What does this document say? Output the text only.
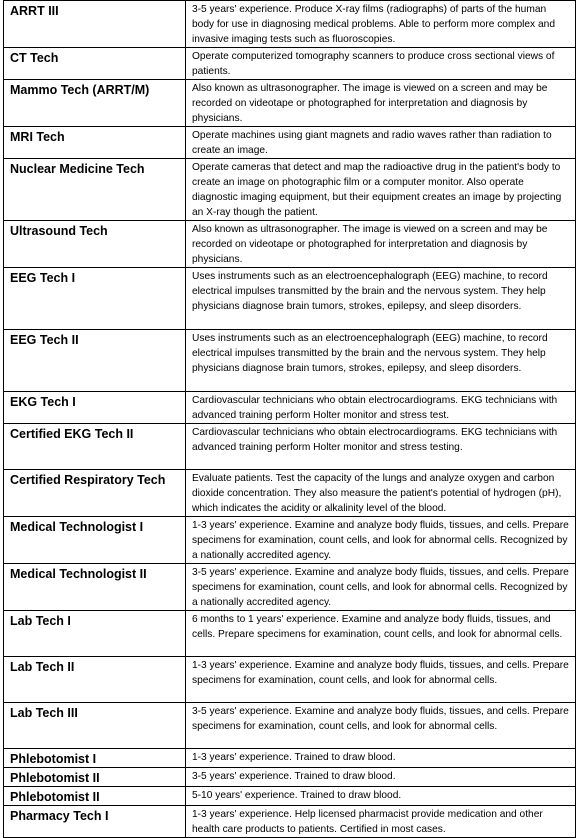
ARRT III	3-5 years' experience. Produce X-ray films (radiographs) of parts of the human body for use in diagnosing medical problems. Able to perform more complex and invasive imaging tests such as fluoroscopies.
CT Tech	Operate computerized tomography scanners to produce cross sectional views of patients.
Mammo Tech (ARRT/M)	Also known as ultrasonographer. The image is viewed on a screen and may be recorded on videotape or photographed for interpretation and diagnosis by physicians.
MRI Tech	Operate machines using giant magnets and radio waves rather than radiation to create an image.
Nuclear Medicine Tech	Operate cameras that detect and map the radioactive drug in the patient's body to create an image on photographic film or a computer monitor. Also operate diagnostic imaging equipment, but their equipment creates an image by projecting an X-ray though the patient.
Ultrasound Tech	Also known as ultrasonographer. The image is viewed on a screen and may be recorded on videotape or photographed for interpretation and diagnosis by physicians.
EEG Tech I	Uses instruments such as an electroencephalograph (EEG) machine, to record electrical impulses transmitted by the brain and the nervous system. They help physicians diagnose brain tumors, strokes, epilepsy, and sleep disorders.
EEG Tech II	Uses instruments such as an electroencephalograph (EEG) machine, to record electrical impulses transmitted by the brain and the nervous system. They help physicians diagnose brain tumors, strokes, epilepsy, and sleep disorders.
EKG Tech I	Cardiovascular technicians who obtain electrocardiograms. EKG technicians with advanced training perform Holter monitor and stress test.
Certified EKG Tech II	Cardiovascular technicians who obtain electrocardiograms. EKG technicians with advanced training perform Holter monitor and stress testing.
Certified Respiratory Tech	Evaluate patients. Test the capacity of the lungs and analyze oxygen and carbon dioxide concentration. They also measure the patient's potential of hydrogen (pH), which indicates the acidity or alkalinity level of the blood.
Medical Technologist I	1-3 years' experience. Examine and analyze body fluids, tissues, and cells. Prepare specimens for examination, count cells, and look for abnormal cells. Recognized by a nationally accredited agency.
Medical Technologist II	3-5 years' experience. Examine and analyze body fluids, tissues, and cells. Prepare specimens for examination, count cells, and look for abnormal cells. Recognized by a nationally accredited agency.
Lab Tech I	6 months to 1 years' experience. Examine and analyze body fluids, tissues, and cells. Prepare specimens for examination, count cells, and look for abnormal cells.
Lab Tech II	1-3 years' experience. Examine and analyze body fluids, tissues, and cells. Prepare specimens for examination, count cells, and look for abnormal cells.
Lab Tech III	3-5 years' experience. Examine and analyze body fluids, tissues, and cells. Prepare specimens for examination, count cells, and look for abnormal cells.
Phlebotomist I	1-3 years' experience. Trained to draw blood.
Phlebotomist II	3-5 years' experience. Trained to draw blood.
Phlebotomist II	5-10 years' experience. Trained to draw blood.
Pharmacy Tech I	1-3 years' experience. Help licensed pharmacist provide medication and other health care products to patients. Certified in most cases.
